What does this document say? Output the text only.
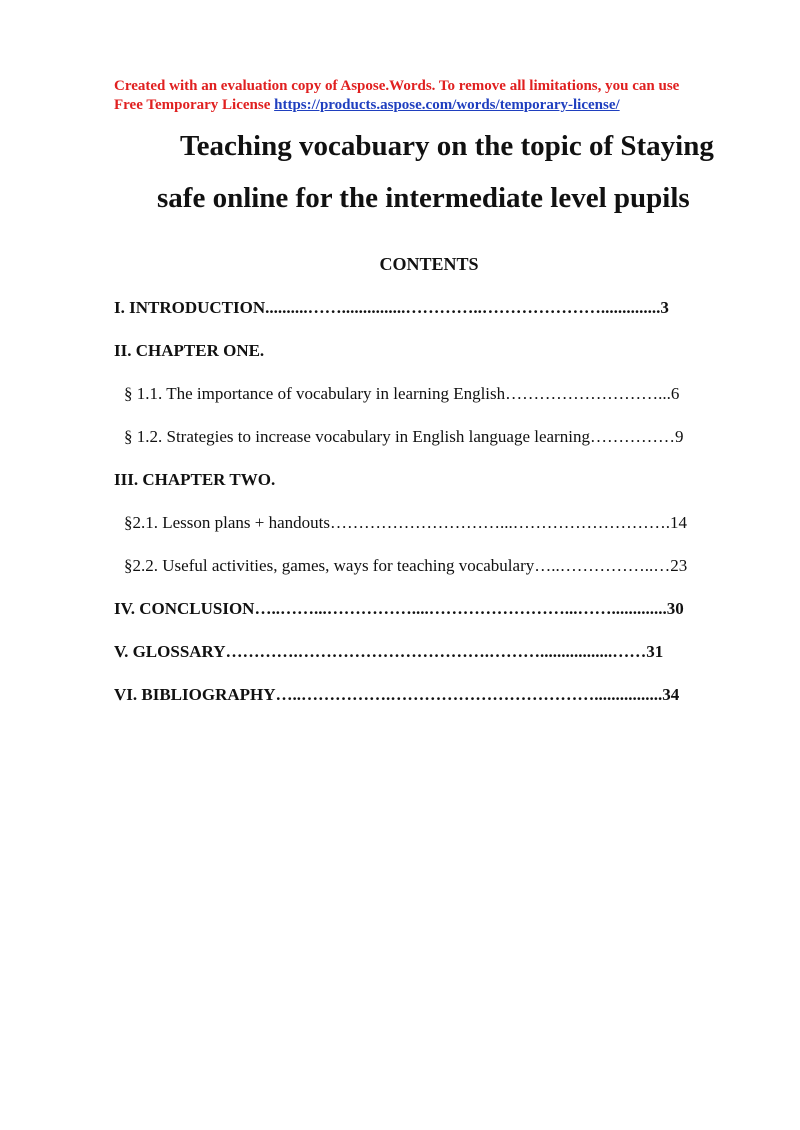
Created with an evaluation copy of Aspose.Words. To remove all limitations, you can use
Free Temporary License https://products.aspose.com/words/temporary-license/
Teaching vocabuary on the topic of Staying
safe online for the intermediate level pupils
CONTENTS
I. INTRODUCTION..........……...............…………..…………………..............3
II. CHAPTER ONE.
§ 1.1. The importance of vocabulary in learning English………………………...6
§ 1.2. Strategies to increase vocabulary in English language learning……………9
III. CHAPTER TWO.
§2.1. Lesson plans + handouts…………………………...……………………….14
§2.2. Useful activities, games, ways for teaching vocabulary…..……………..…23
IV. CONCLUSION…..……...……………....……………………...…….............30
V. GLOSSARY………….…………………………….……….................……31
VI. BIBLIOGRAPHY…..…………….………………………………................34
